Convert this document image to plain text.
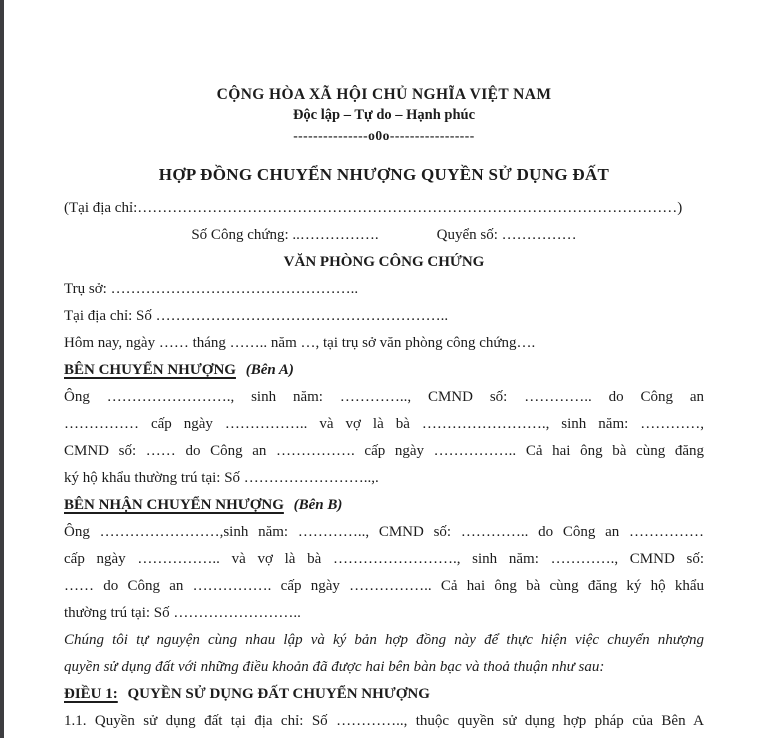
CỘNG HÒA XÃ HỘI CHỦ NGHĨA VIỆT NAM
Độc lập – Tự do – Hạnh phúc
---------------o0o-----------------
HỢP ĐỒNG CHUYỂN NHƯỢNG QUYỀN SỬ DỤNG ĐẤT
(Tại địa chỉ:………………………………………………………………………………………………)
Số Công chứng: ..…………….	Quyển số: ……………
VĂN PHÒNG CÔNG CHỨNG
Trụ sở: …………………………………………..
Tại địa chỉ: Số …………………………………………………..
Hôm nay, ngày …… tháng …….. năm …, tại trụ sở văn phòng công chứng….
BÊN CHUYỂN NHƯỢNG (Bên A)
Ông ……………………., sinh năm: ………….., CMND số: ………….. do Công an
…………… cấp ngày …………….. và vợ là bà ……………………., sinh năm: …………,
CMND số: …… do Công an ……………. cấp ngày …………….. Cả hai ông bà cùng đăng
ký hộ khẩu thường trú tại: Số ……………………..,.
BÊN NHẬN CHUYỂN NHƯỢNG (Bên B)
Ông ……………………,sinh năm: ………….., CMND số: ………….. do Công an ……………
cấp ngày …………….. và vợ là bà ……………………., sinh năm: …………., CMND số:
…… do Công an ……………. cấp ngày …………….. Cả hai ông bà cùng đăng ký hộ khẩu
thường trú tại: Số ……………………..
Chúng tôi tự nguyện cùng nhau lập và ký bản hợp đồng này để thực hiện việc chuyển nhượng
quyền sử dụng đất với những điều khoản đã được hai bên bàn bạc và thoả thuận như sau:
ĐIỀU 1: QUYỀN SỬ DỤNG ĐẤT CHUYỂN NHƯỢNG
1.1. Quyền sử dụng đất tại địa chỉ: Số ………….., thuộc quyền sử dụng hợp pháp của Bên A
